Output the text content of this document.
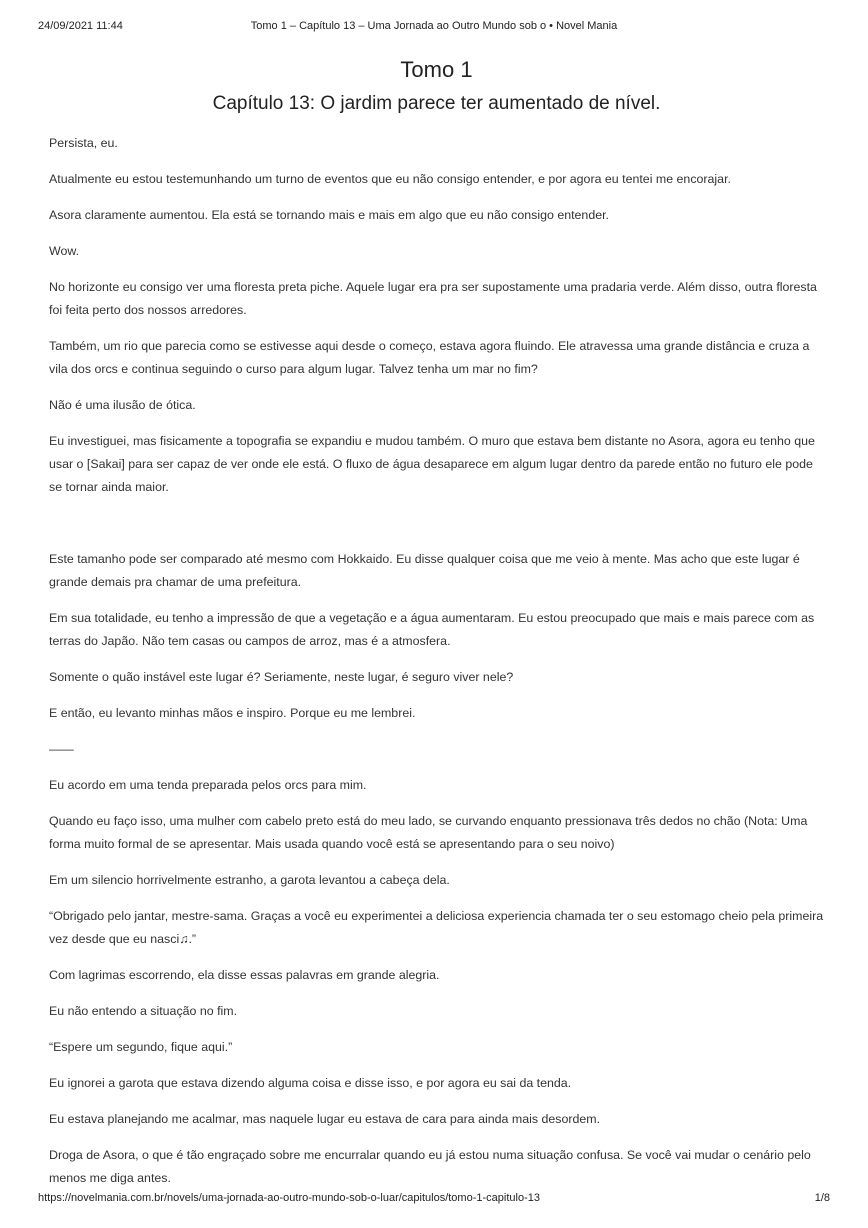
24/09/2021 11:44	Tomo 1 – Capítulo 13 – Uma Jornada ao Outro Mundo sob o • Novel Mania
Tomo 1
Capítulo 13: O jardim parece ter aumentado de nível.

Persista, eu.

Atualmente eu estou testemunhando um turno de eventos que eu não consigo entender, e por agora eu tentei me encorajar.

Asora claramente aumentou. Ela está se tornando mais e mais em algo que eu não consigo entender.

Wow.

No horizonte eu consigo ver uma floresta preta piche. Aquele lugar era pra ser supostamente uma pradaria verde. Além disso, outra floresta foi feita perto dos nossos arredores.

Também, um rio que parecia como se estivesse aqui desde o começo, estava agora fluindo. Ele atravessa uma grande distância e cruza a vila dos orcs e continua seguindo o curso para algum lugar. Talvez tenha um mar no fim?

Não é uma ilusão de ótica.

Eu investiguei, mas fisicamente a topografia se expandiu e mudou também. O muro que estava bem distante no Asora, agora eu tenho que usar o [Sakai] para ser capaz de ver onde ele está. O fluxo de água desaparece em algum lugar dentro da parede então no futuro ele pode se tornar ainda maior.

Este tamanho pode ser comparado até mesmo com Hokkaido. Eu disse qualquer coisa que me veio à mente. Mas acho que este lugar é grande demais pra chamar de uma prefeitura.

Em sua totalidade, eu tenho a impressão de que a vegetação e a água aumentaram. Eu estou preocupado que mais e mais parece com as terras do Japão. Não tem casas ou campos de arroz, mas é a atmosfera.

Somente o quão instável este lugar é? Seriamente, neste lugar, é seguro viver nele?

E então, eu levanto minhas mãos e inspiro. Porque eu me lembrei.

——

Eu acordo em uma tenda preparada pelos orcs para mim.

Quando eu faço isso, uma mulher com cabelo preto está do meu lado, se curvando enquanto pressionava três dedos no chão (Nota: Uma forma muito formal de se apresentar. Mais usada quando você está se apresentando para o seu noivo)

Em um silencio horrivelmente estranho, a garota levantou a cabeça dela.

“Obrigado pelo jantar, mestre-sama. Graças a você eu experimentei a deliciosa experiencia chamada ter o seu estomago cheio pela primeira vez desde que eu nasci♫.”

Com lagrimas escorrendo, ela disse essas palavras em grande alegria.

Eu não entendo a situação no fim.

“Espere um segundo, fique aqui.”

Eu ignorei a garota que estava dizendo alguma coisa e disse isso, e por agora eu sai da tenda.

Eu estava planejando me acalmar, mas naquele lugar eu estava de cara para ainda mais desordem.

Droga de Asora, o que é tão engraçado sobre me encurralar quando eu já estou numa situação confusa. Se você vai mudar o cenário pelo menos me diga antes.

https://novelmania.com.br/novels/uma-jornada-ao-outro-mundo-sob-o-luar/capitulos/tomo-1-capitulo-13	1/8
